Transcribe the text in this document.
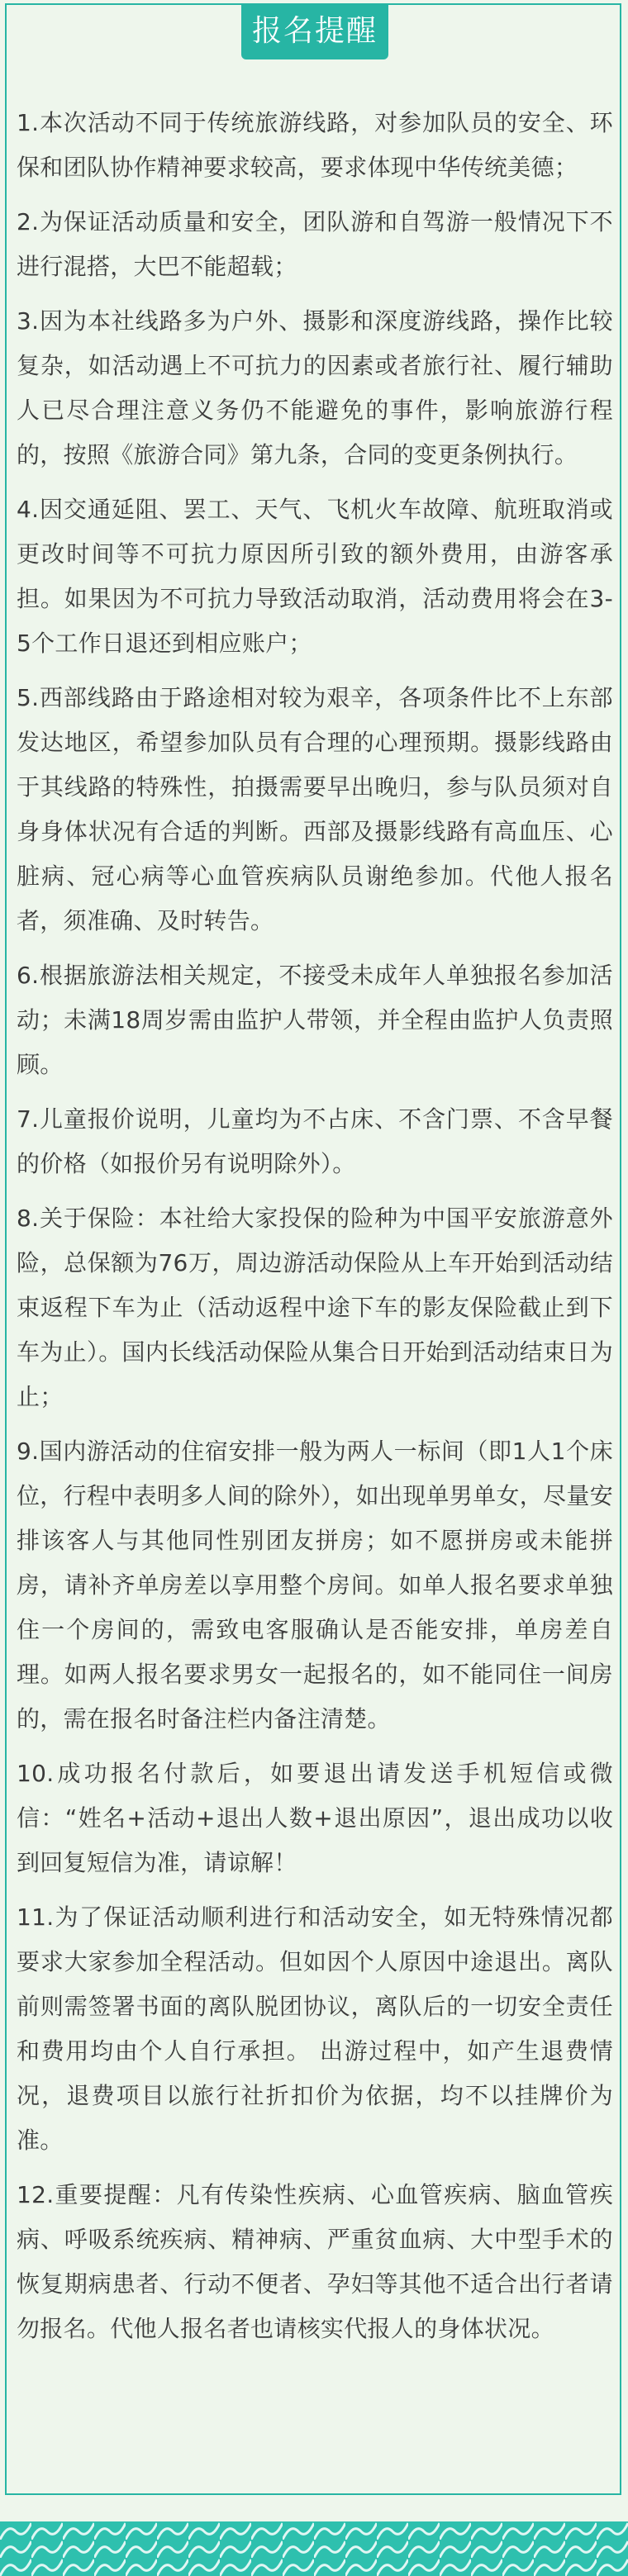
报名提醒

1.本次活动不同于传统旅游线路，对参加队员的安全、环保和团队协作精神要求较高，要求体现中华传统美德；

2.为保证活动质量和安全，团队游和自驾游一般情况下不进行混搭，大巴不能超载；

3.因为本社线路多为户外、摄影和深度游线路，操作比较复杂，如活动遇上不可抗力的因素或者旅行社、履行辅助人已尽合理注意义务仍不能避免的事件，影响旅游行程的，按照《旅游合同》第九条，合同的变更条例执行。

4.因交通延阻、罢工、天气、飞机火车故障、航班取消或更改时间等不可抗力原因所引致的额外费用，由游客承担。如果因为不可抗力导致活动取消，活动费用将会在3-5个工作日退还到相应账户；

5.西部线路由于路途相对较为艰辛，各项条件比不上东部发达地区，希望参加队员有合理的心理预期。摄影线路由于其线路的特殊性，拍摄需要早出晚归，参与队员须对自身身体状况有合适的判断。西部及摄影线路有高血压、心脏病、冠心病等心血管疾病队员谢绝参加。代他人报名者，须准确、及时转告。

6.根据旅游法相关规定，不接受未成年人单独报名参加活动；未满18周岁需由监护人带领，并全程由监护人负责照顾。

7.儿童报价说明，儿童均为不占床、不含门票、不含早餐的价格（如报价另有说明除外）。

8.关于保险：本社给大家投保的险种为中国平安旅游意外险，总保额为76万，周边游活动保险从上车开始到活动结束返程下车为止（活动返程中途下车的影友保险截止到下车为止）。国内长线活动保险从集合日开始到活动结束日为止；

9.国内游活动的住宿安排一般为两人一标间（即1人1个床位，行程中表明多人间的除外），如出现单男单女，尽量安排该客人与其他同性别团友拼房；如不愿拼房或未能拼房，请补齐单房差以享用整个房间。如单人报名要求单独住一个房间的，需致电客服确认是否能安排，单房差自理。如两人报名要求男女一起报名的，如不能同住一间房的，需在报名时备注栏内备注清楚。

10.成功报名付款后，如要退出请发送手机短信或微信：“姓名+活动+退出人数+退出原因”，退出成功以收到回复短信为准，请谅解！

11.为了保证活动顺利进行和活动安全，如无特殊情况都要求大家参加全程活动。但如因个人原因中途退出。离队前则需签署书面的离队脱团协议，离队后的一切安全责任和费用均由个人自行承担。 出游过程中，如产生退费情况，退费项目以旅行社折扣价为依据，均不以挂牌价为准。

12.重要提醒：凡有传染性疾病、心血管疾病、脑血管疾病、呼吸系统疾病、精神病、严重贫血病、大中型手术的恢复期病患者、行动不便者、孕妇等其他不适合出行者请勿报名。代他人报名者也请核实代报人的身体状况。
